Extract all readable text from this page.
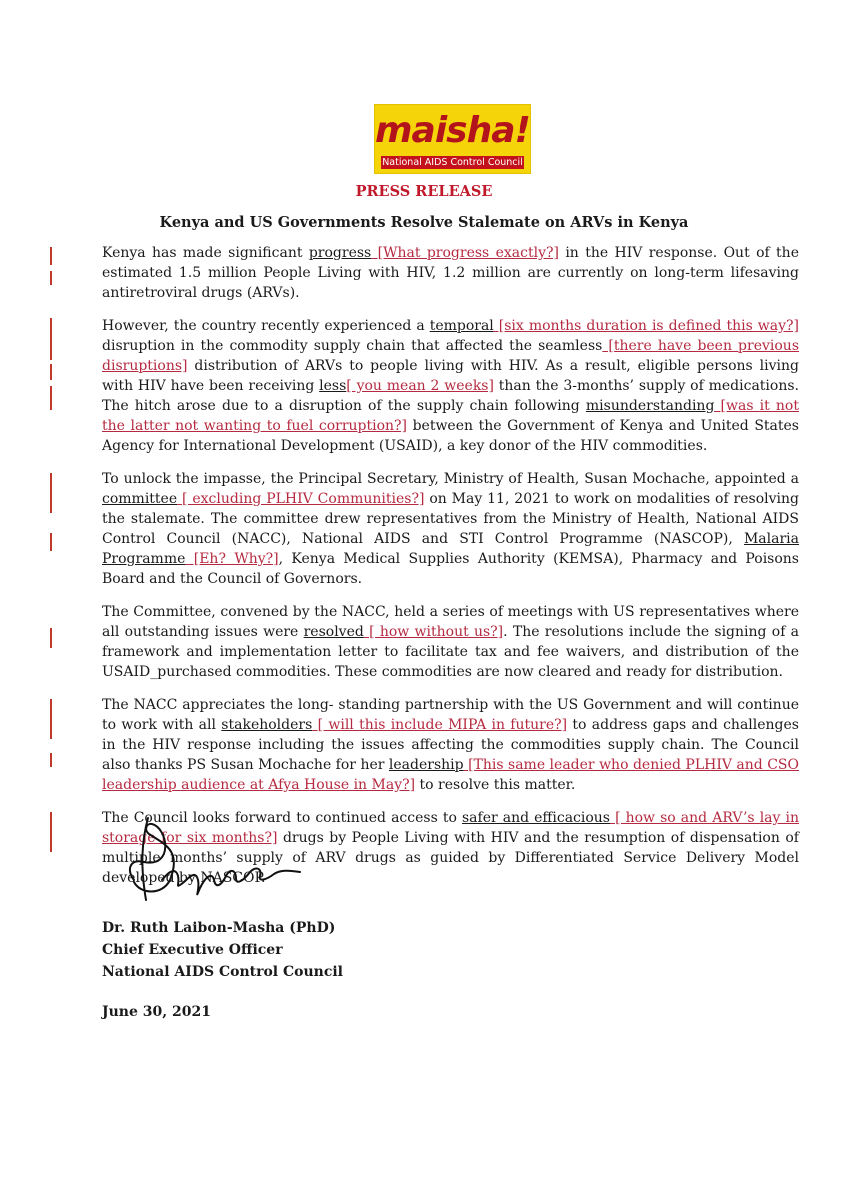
maisha!
National AIDS Control Council
PRESS RELEASE
Kenya and US Governments Resolve Stalemate on ARVs in Kenya

Kenya has made significant progress [What progress exactly?] in the HIV response. Out of the estimated 1.5 million People Living with HIV, 1.2 million are currently on long-term lifesaving antiretroviral drugs (ARVs).

However, the country recently experienced a temporal [six months duration is defined this way?] disruption in the commodity supply chain that affected the seamless [there have been previous disruptions] distribution of ARVs to people living with HIV. As a result, eligible persons living with HIV have been receiving less[ you mean 2 weeks] than the 3-months’ supply of medications. The hitch arose due to a disruption of the supply chain following misunderstanding [was it not the latter not wanting to fuel corruption?] between the Government of Kenya and United States Agency for International Development (USAID), a key donor of the HIV commodities.

To unlock the impasse, the Principal Secretary, Ministry of Health, Susan Mochache, appointed a committee [ excluding PLHIV Communities?] on May 11, 2021 to work on modalities of resolving the stalemate. The committee drew representatives from the Ministry of Health, National AIDS Control Council (NACC), National AIDS and STI Control Programme (NASCOP), Malaria Programme [Eh? Why?], Kenya Medical Supplies Authority (KEMSA), Pharmacy and Poisons Board and the Council of Governors.

The Committee, convened by the NACC, held a series of meetings with US representatives where all outstanding issues were resolved [ how without us?]. The resolutions include the signing of a framework and implementation letter to facilitate tax and fee waivers, and distribution of the USAID_purchased commodities. These commodities are now cleared and ready for distribution.

The NACC appreciates the long- standing partnership with the US Government and will continue to work with all stakeholders [ will this include MIPA in future?] to address gaps and challenges in the HIV response including the issues affecting the commodities supply chain. The Council also thanks PS Susan Mochache for her leadership [This same leader who denied PLHIV and CSO leadership audience at Afya House in May?] to resolve this matter.

The Council looks forward to continued access to safer and efficacious [ how so and ARV’s lay in storage for six months?] drugs by People Living with HIV and the resumption of dispensation of multiple months’ supply of ARV drugs as guided by Differentiated Service Delivery Model developed by NASCOP.

Dr. Ruth Laibon-Masha (PhD)
Chief Executive Officer
National AIDS Control Council
June 30, 2021
